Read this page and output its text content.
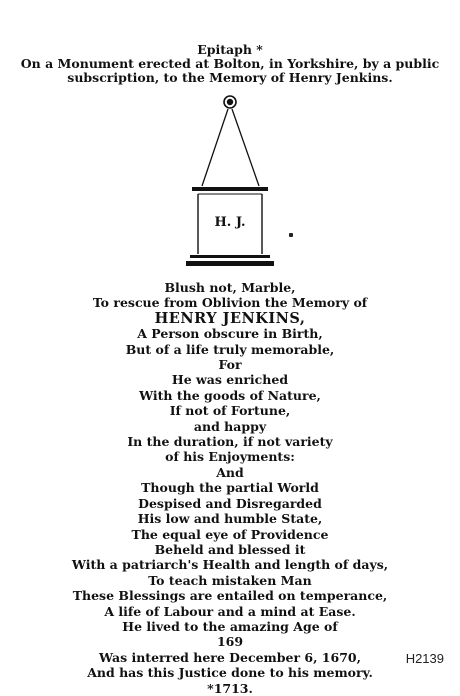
Epitaph *
On a Monument erected at Bolton, in Yorkshire, by a public
subscription, to the Memory of Henry Jenkins.
H. J.
Blush not, Marble,
To rescue from Oblivion the Memory of
HENRY JENKINS,
A Person obscure in Birth,
But of a life truly memorable,
For
He was enriched
With the goods of Nature,
If not of Fortune,
and happy
In the duration, if not variety
of his Enjoyments:
And
Though the partial World
Despised and Disregarded
His low and humble State,
The equal eye of Providence
Beheld and blessed it
With a patriarch's Health and length of days,
To teach mistaken Man
These Blessings are entailed on temperance,
A life of Labour and a mind at Ease.
He lived to the amazing Age of
169
Was interred here December 6, 1670,
And has this Justice done to his memory.
*1713.
H2139
